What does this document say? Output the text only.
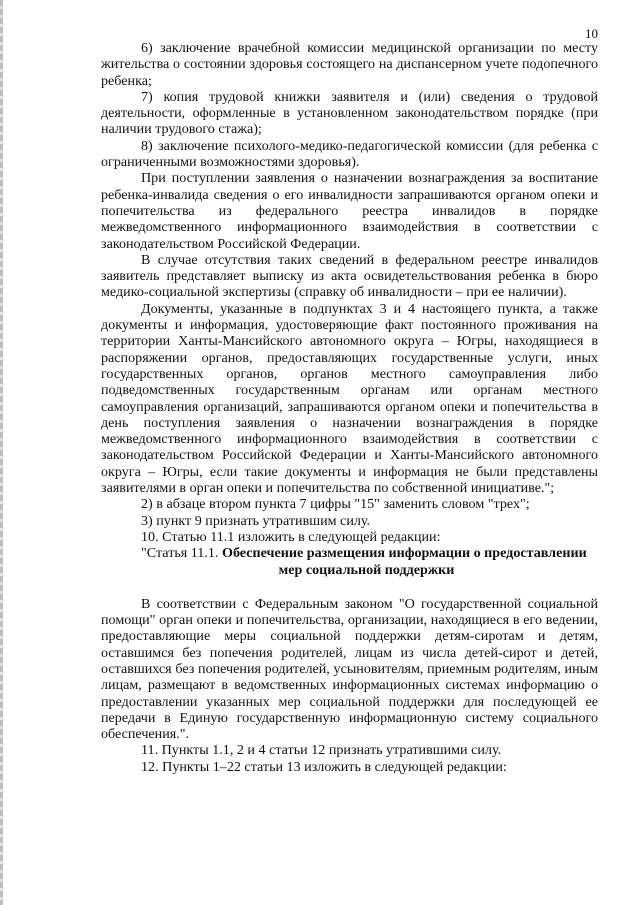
10

6) заключение врачебной комиссии медицинской организации по месту жительства о состоянии здоровья состоящего на диспансерном учете подопечного ребенка;

7) копия трудовой книжки заявителя и (или) сведения о трудовой деятельности, оформленные в установленном законодательством порядке (при наличии трудового стажа);

8) заключение психолого-медико-педагогической комиссии (для ребенка с ограниченными возможностями здоровья).

При поступлении заявления о назначении вознаграждения за воспитание ребенка-инвалида сведения о его инвалидности запрашиваются органом опеки и попечительства из федерального реестра инвалидов в порядке межведомственного информационного взаимодействия в соответствии с законодательством Российской Федерации.

В случае отсутствия таких сведений в федеральном реестре инвалидов заявитель представляет выписку из акта освидетельствования ребенка в бюро медико-социальной экспертизы (справку об инвалидности – при ее наличии).

Документы, указанные в подпунктах 3 и 4 настоящего пункта, а также документы и информация, удостоверяющие факт постоянного проживания на территории Ханты-Мансийского автономного округа – Югры, находящиеся в распоряжении органов, предоставляющих государственные услуги, иных государственных органов, органов местного самоуправления либо подведомственных государственным органам или органам местного самоуправления организаций, запрашиваются органом опеки и попечительства в день поступления заявления о назначении вознаграждения в порядке межведомственного информационного взаимодействия в соответствии с законодательством Российской Федерации и Ханты-Мансийского автономного округа – Югры, если такие документы и информация не были представлены заявителями в орган опеки и попечительства по собственной инициативе.";

2) в абзаце втором пункта 7 цифры "15" заменить словом "трех";

3) пункт 9 признать утратившим силу.

10. Статью 11.1 изложить в следующей редакции:

"Статья 11.1. Обеспечение размещения информации о предоставлении

мер социальной поддержки

В соответствии с Федеральным законом "О государственной социальной помощи" орган опеки и попечительства, организации, находящиеся в его ведении, предоставляющие меры социальной поддержки детям-сиротам и детям, оставшимся без попечения родителей, лицам из числа детей-сирот и детей, оставшихся без попечения родителей, усыновителям, приемным родителям, иным лицам, размещают в ведомственных информационных системах информацию о предоставлении указанных мер социальной поддержки для последующей ее передачи в Единую государственную информационную систему социального обеспечения.".

11. Пункты 1.1, 2 и 4 статьи 12 признать утратившими силу.

12. Пункты 1–22 статьи 13 изложить в следующей редакции:
